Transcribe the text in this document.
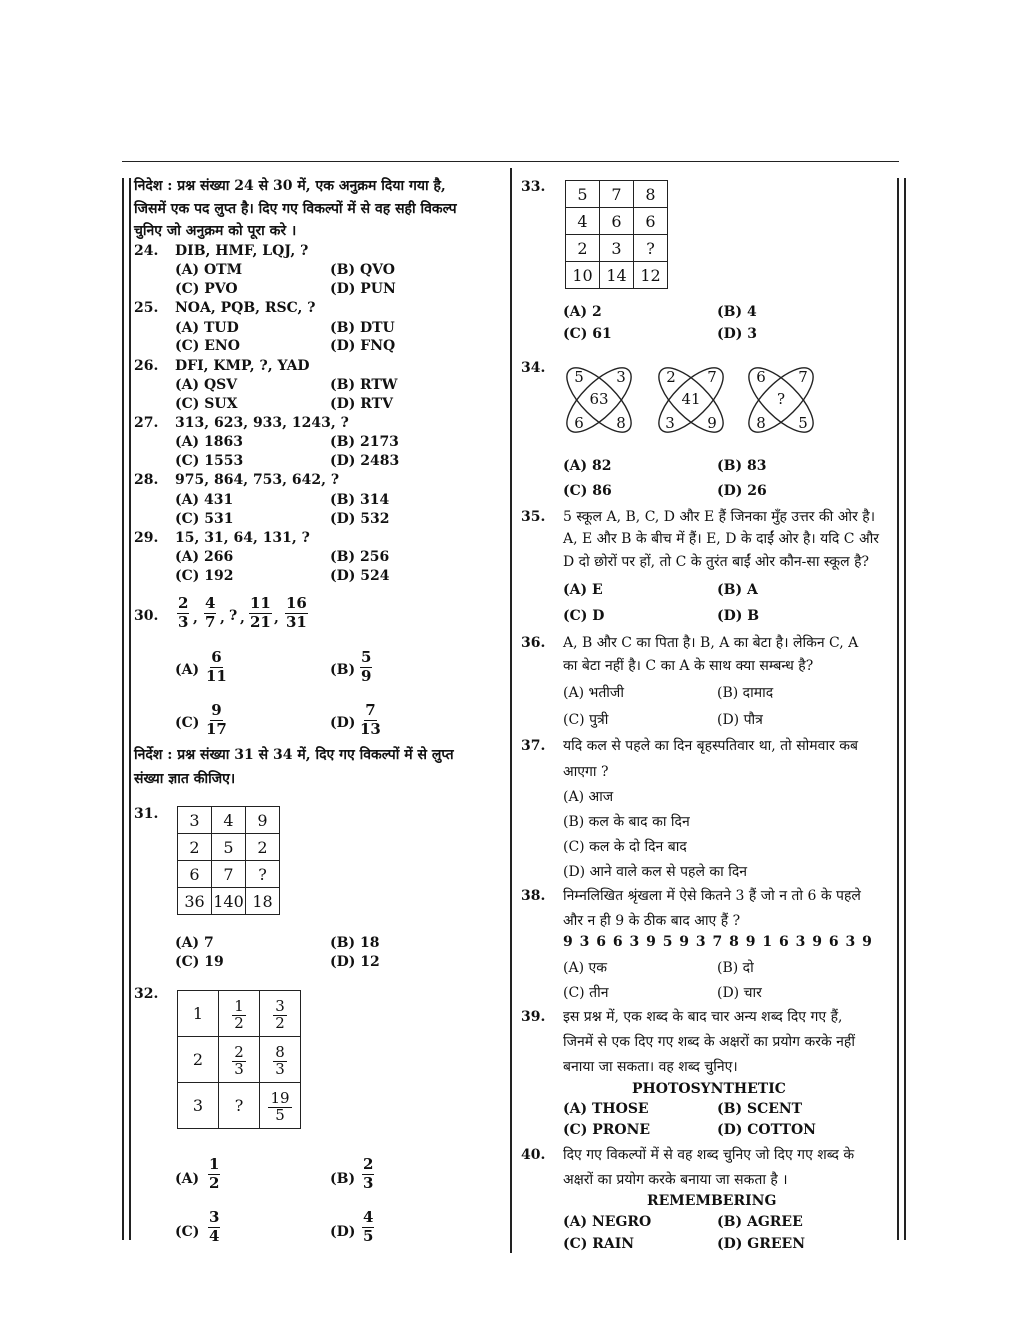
निदेश : प्रश्न संख्या 24 से 30 में, एक अनुक्रम दिया गया है,
जिसमें एक पद लुप्त है। दिए गए विकल्पों में से वह सही विकल्प
चुनिए जो अनुक्रम को पूरा करे ।
24. DIB, HMF, LQJ, ?
(A) OTM	(B) QVO
(C) PVO	(D) PUN
25. NOA, PQB, RSC, ?
(A) TUD	(B) DTU
(C) ENO	(D) FNQ
26. DFI, KMP, ?, YAD
(A) QSV	(B) RTW
(C) SUX	(D) RTV
27. 313, 623, 933, 1243, ?
(A) 1863	(B) 2173
(C) 1553	(D) 2483
28. 975, 864, 753, 642, ?
(A) 431	(B) 314
(C) 531	(D) 532
29. 15, 31, 64, 131, ?
(A) 266	(B) 256
(C) 192	(D) 524
30. $\frac{2}{3}$ , $\frac{4}{7}$ , ? , $\frac{11}{21}$ , $\frac{16}{31}$
$(A) \frac{6}{11}$	$(B) \frac{5}{9}$
$(C) \frac{9}{17}$	$(D) \frac{7}{13}$
निर्देश : प्रश्न संख्या 31 से 34 में, दिए गए विकल्पों में से लुप्त
संख्या ज्ञात कीजिए।
31. 3	4	9
2	5	2
6	7	?
36	140	18
(A) 7	(B) 18
(C) 19	(D) 12
32.
1	$\frac{1}{2}$	$\frac{3}{2}$

2	$\frac{2}{3}$	$\frac{8}{3}$

3	?	$\frac{19}{5}$
$(A) \frac{1}{2}$	$(B) \frac{2}{3}$
$(C) \frac{3}{4}$	$(D) \frac{4}{5}$
33. 5	7	8
4	6	6
2	3	?
10	14	12
(A) 2	(B) 4
(C) 61	(D) 3
34. 5 3
63
6 8
2 7
41
3 9
6 7
?
8 5
(A) 82	(B) 83
(C) 86	(D) 26
35. 5 स्कूल A, B, C, D और E हैं जिनका मुँह उत्तर की ओर है।
A, E और B के बीच में हैं। E, D के दाईं ओर है। यदि C और
D दो छोरों पर हों, तो C के तुरंत बाईं ओर कौन-सा स्कूल है?
(A) E	(B) A
(C) D	(D) B
36. A, B और C का पिता है। B, A का बेटा है। लेकिन C, A
का बेटा नहीं है। C का A के साथ क्या सम्बन्ध है?
(A) भतीजी	(B) दामाद
(C) पुत्री	(D) पौत्र
37. यदि कल से पहले का दिन बृहस्पतिवार था, तो सोमवार कब
आएगा ?
(A) आज
(B) कल के बाद का दिन
(C) कल के दो दिन बाद
(D) आने वाले कल से पहले का दिन
38. निम्नलिखित श्रृंखला में ऐसे कितने 3 हैं जो न तो 6 के पहले
और न ही 9 के ठीक बाद आए हैं ?
9 3 6 6 3 9 5 9 3 7 8 9 1 6 3 9 6 3 9
(A) एक	(B) दो
(C) तीन	(D) चार
39. इस प्रश्न में, एक शब्द के बाद चार अन्य शब्द दिए गए हैं,
जिनमें से एक दिए गए शब्द के अक्षरों का प्रयोग करके नहीं
बनाया जा सकता। वह शब्द चुनिए।
PHOTOSYNTHETIC
(A) THOSE	(B) SCENT
(C) PRONE	(D) COTTON
40. दिए गए विकल्पों में से वह शब्द चुनिए जो दिए गए शब्द के
अक्षरों का प्रयोग करके बनाया जा सकता है ।
REMEMBERING
(A) NEGRO	(B) AGREE
(C) RAIN	(D) GREEN
